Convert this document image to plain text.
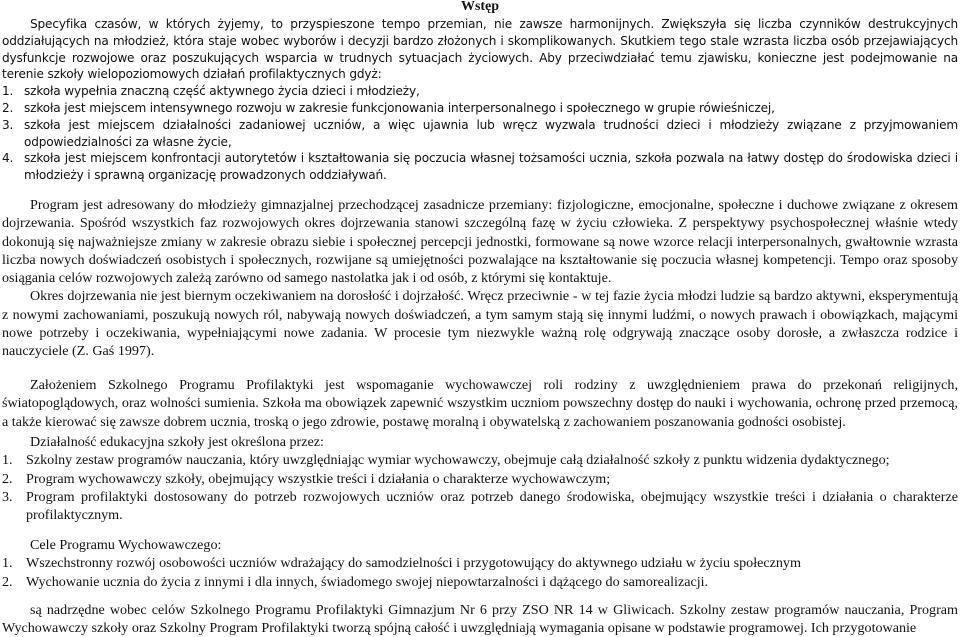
Wstęp

Specyfika czasów, w których żyjemy, to przyspieszone tempo przemian, nie zawsze harmonijnych. Zwiększyła się liczba czynników destrukcyjnych oddziałujących na młodzież, która staje wobec wyborów i decyzji bardzo złożonych i skomplikowanych. Skutkiem tego stale wzrasta liczba osób przejawiających dysfunkcje rozwojowe oraz poszukujących wsparcia w trudnych sytuacjach życiowych. Aby przeciwdziałać temu zjawisku, konieczne jest podejmowanie na terenie szkoły wielopoziomowych działań profilaktycznych gdyż:

1. szkoła wypełnia znaczną część aktywnego życia dzieci i młodzieży,
2. szkoła jest miejscem intensywnego rozwoju w zakresie funkcjonowania interpersonalnego i społecznego w grupie rówieśniczej,
3. szkoła jest miejscem działalności zadaniowej uczniów, a więc ujawnia lub wręcz wyzwala trudności dzieci i młodzieży związane z przyjmowaniem odpowiedzialności za własne życie,
4. szkoła jest miejscem konfrontacji autorytetów i kształtowania się poczucia własnej tożsamości ucznia, szkoła pozwala na łatwy dostęp do środowiska dzieci i młodzieży i sprawną organizację prowadzonych oddziaływań.

Program jest adresowany do młodzieży gimnazjalnej przechodzącej zasadnicze przemiany: fizjologiczne, emocjonalne, społeczne i duchowe związane z okresem dojrzewania. Spośród wszystkich faz rozwojowych okres dojrzewania stanowi szczególną fazę w życiu człowieka. Z perspektywy psychospołecznej właśnie wtedy dokonują się najważniejsze zmiany w zakresie obrazu siebie i społecznej percepcji jednostki, formowane są nowe wzorce relacji interpersonalnych, gwałtownie wzrasta liczba nowych doświadczeń osobistych i społecznych, rozwijane są umiejętności pozwalające na kształtowanie się poczucia własnej kompetencji. Tempo oraz sposoby osiągania celów rozwojowych zależą zarówno od samego nastolatka jak i od osób, z którymi się kontaktuje.

Okres dojrzewania nie jest biernym oczekiwaniem na dorosłość i dojrzałość. Wręcz przeciwnie - w tej fazie życia młodzi ludzie są bardzo aktywni, eksperymentują z nowymi zachowaniami, poszukują nowych ról, nabywają nowych doświadczeń, a tym samym stają się innymi ludźmi, o nowych prawach i obowiązkach, mającymi nowe potrzeby i oczekiwania, wypełniającymi nowe zadania. W procesie tym niezwykle ważną rolę odgrywają znaczące osoby dorosłe, a zwłaszcza rodzice i nauczyciele (Z. Gaś 1997).

Założeniem Szkolnego Programu Profilaktyki jest wspomaganie wychowawczej roli rodziny z uwzględnieniem prawa do przekonań religijnych, światopoglądowych, oraz wolności sumienia. Szkoła ma obowiązek zapewnić wszystkim uczniom powszechny dostęp do nauki i wychowania, ochronę przed przemocą, a także kierować się zawsze dobrem ucznia, troską o jego zdrowie, postawę moralną i obywatelską z zachowaniem poszanowania godności osobistej.

Działalność edukacyjna szkoły jest określona przez:

1. Szkolny zestaw programów nauczania, który uwzględniając wymiar wychowawczy, obejmuje całą działalność szkoły z punktu widzenia dydaktycznego;
2. Program wychowawczy szkoły, obejmujący wszystkie treści i działania o charakterze wychowawczym;
3. Program profilaktyki dostosowany do potrzeb rozwojowych uczniów oraz potrzeb danego środowiska, obejmujący wszystkie treści i działania o charakterze profilaktycznym.

Cele Programu Wychowawczego:

1. Wszechstronny rozwój osobowości uczniów wdrażający do samodzielności i przygotowujący do aktywnego udziału w życiu społecznym
2. Wychowanie ucznia do życia z innymi i dla innych, świadomego swojej niepowtarzalności i dążącego do samorealizacji.

są nadrzędne wobec celów Szkolnego Programu Profilaktyki Gimnazjum Nr 6 przy ZSO NR 14 w Gliwicach. Szkolny zestaw programów nauczania, Program Wychowawczy szkoły oraz Szkolny Program Profilaktyki tworzą spójną całość i uwzględniają wymagania opisane w podstawie programowej. Ich przygotowanie
